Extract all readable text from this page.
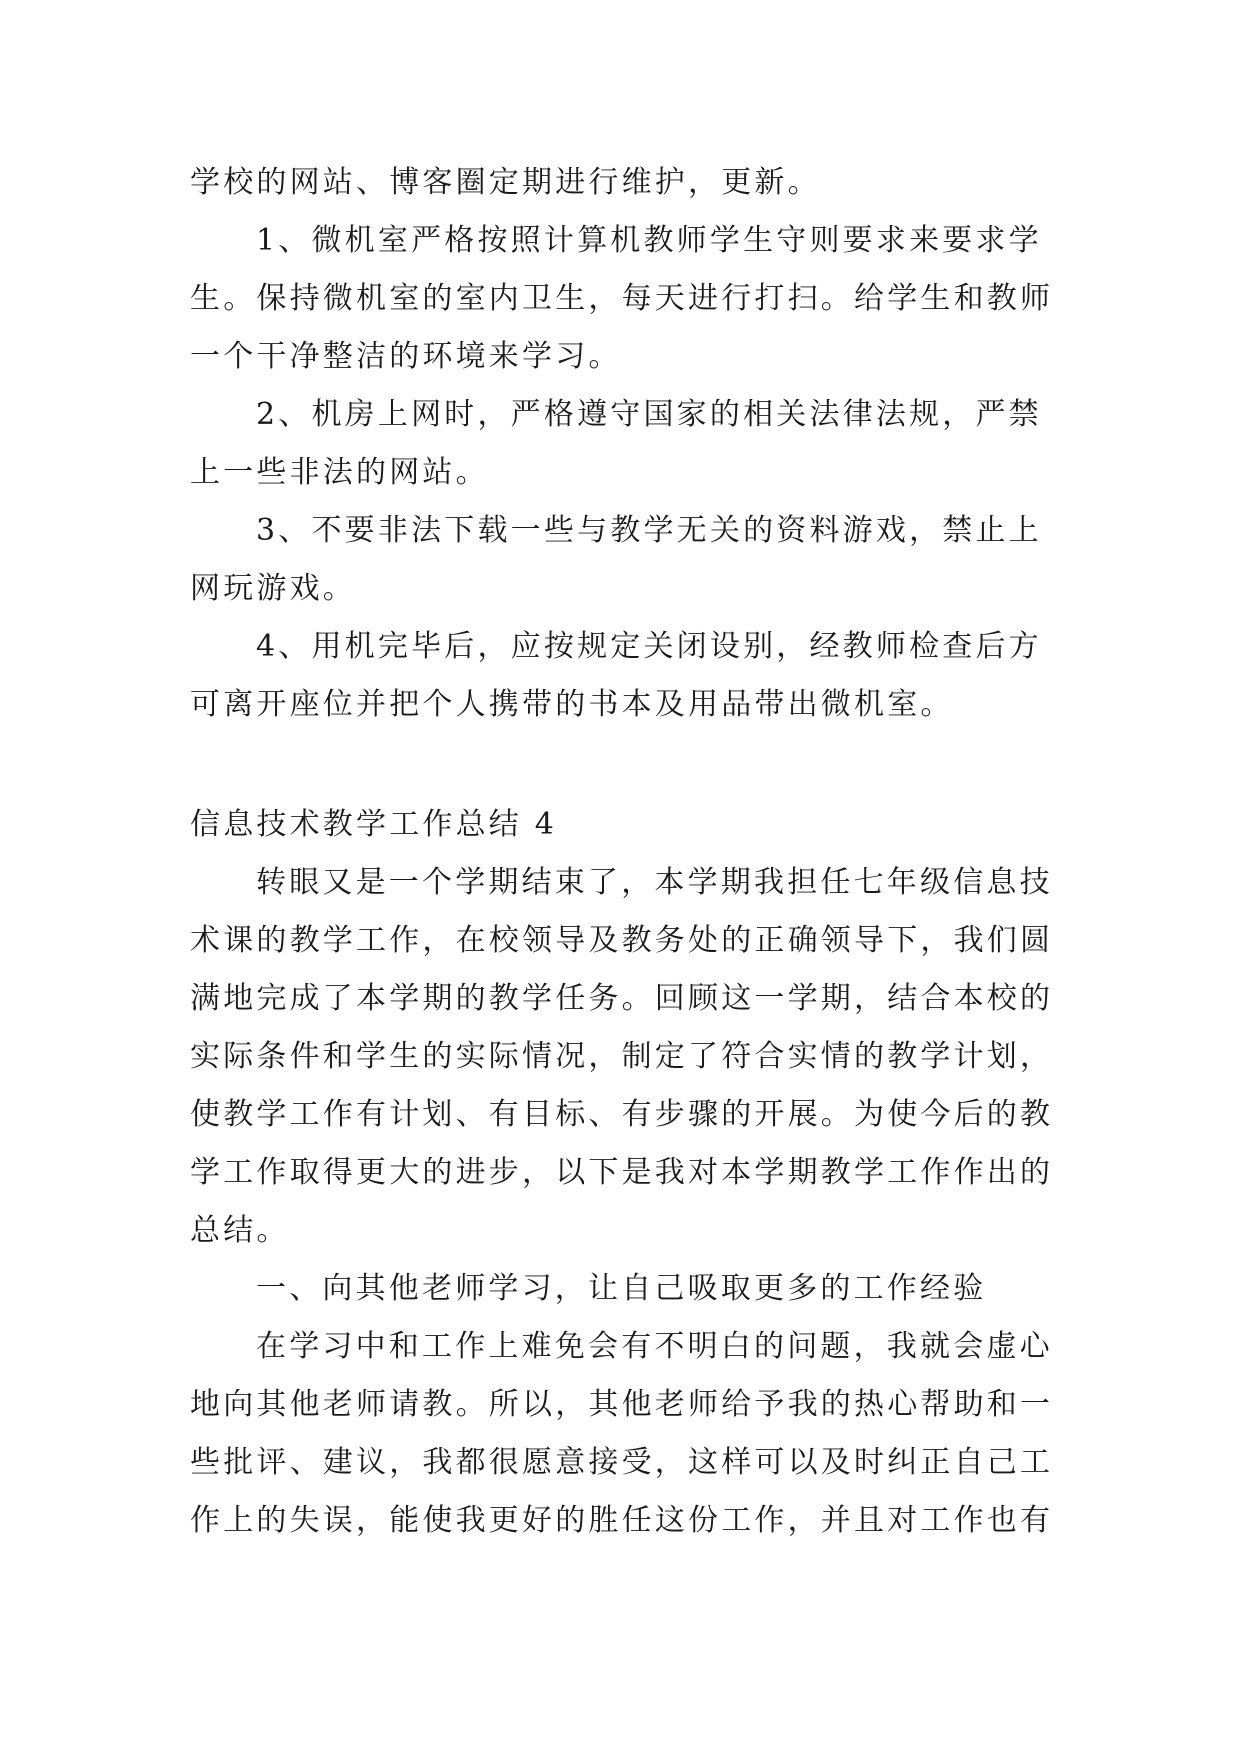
学校的网站、博客圈定期进行维护，更新。

1、微机室严格按照计算机教师学生守则要求来要求学

生。保持微机室的室内卫生，每天进行打扫。给学生和教师

一个干净整洁的环境来学习。

2、机房上网时，严格遵守国家的相关法律法规，严禁

上一些非法的网站。

3、不要非法下载一些与教学无关的资料游戏，禁止上

网玩游戏。

4、用机完毕后，应按规定关闭设别，经教师检查后方

可离开座位并把个人携带的书本及用品带出微机室。

信息技术教学工作总结 4

转眼又是一个学期结束了，本学期我担任七年级信息技

术课的教学工作，在校领导及教务处的正确领导下，我们圆

满地完成了本学期的教学任务。回顾这一学期，结合本校的

实际条件和学生的实际情况，制定了符合实情的教学计划，

使教学工作有计划、有目标、有步骤的开展。为使今后的教

学工作取得更大的进步，以下是我对本学期教学工作作出的

总结。

一、向其他老师学习，让自己吸取更多的工作经验

在学习中和工作上难免会有不明白的问题，我就会虚心

地向其他老师请教。所以，其他老师给予我的热心帮助和一

些批评、建议，我都很愿意接受，这样可以及时纠正自己工

作上的失误，能使我更好的胜任这份工作，并且对工作也有
